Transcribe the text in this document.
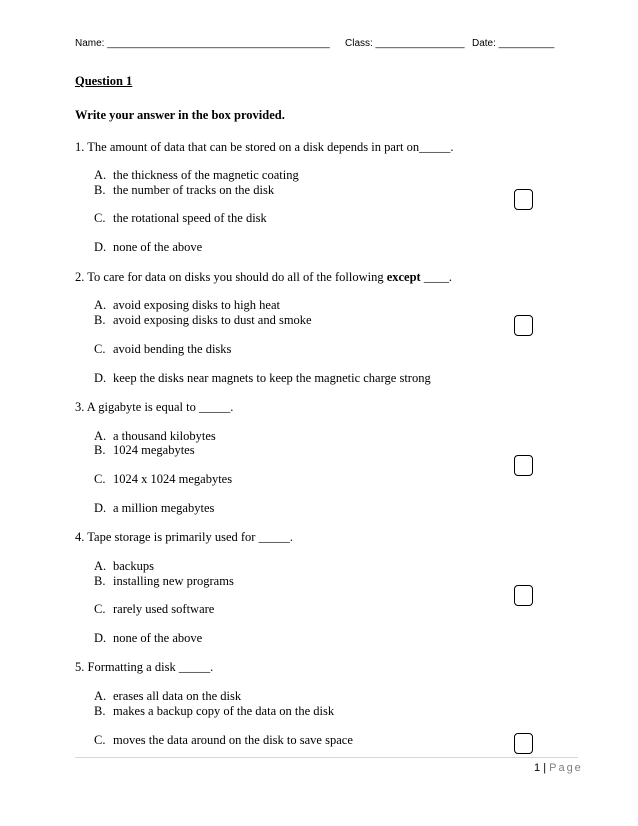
Name: ________________________________________ Class: ________________ Date: __________
Question 1
Write your answer in the box provided.
1. The amount of data that can be stored on a disk depends in part on_____.
A. the thickness of the magnetic coating
B. the number of tracks on the disk
C. the rotational speed of the disk
D. none of the above
2. To care for data on disks you should do all of the following except ____.
A. avoid exposing disks to high heat
B. avoid exposing disks to dust and smoke
C. avoid bending the disks
D. keep the disks near magnets to keep the magnetic charge strong
3. A gigabyte is equal to _____.
A. a thousand kilobytes
B. 1024 megabytes
C. 1024 x 1024 megabytes
D. a million megabytes
4. Tape storage is primarily used for _____.
A. backups
B. installing new programs
C. rarely used software
D. none of the above
5. Formatting a disk _____.
A. erases all data on the disk
B. makes a backup copy of the data on the disk
C. moves the data around on the disk to save space
1 | Page
